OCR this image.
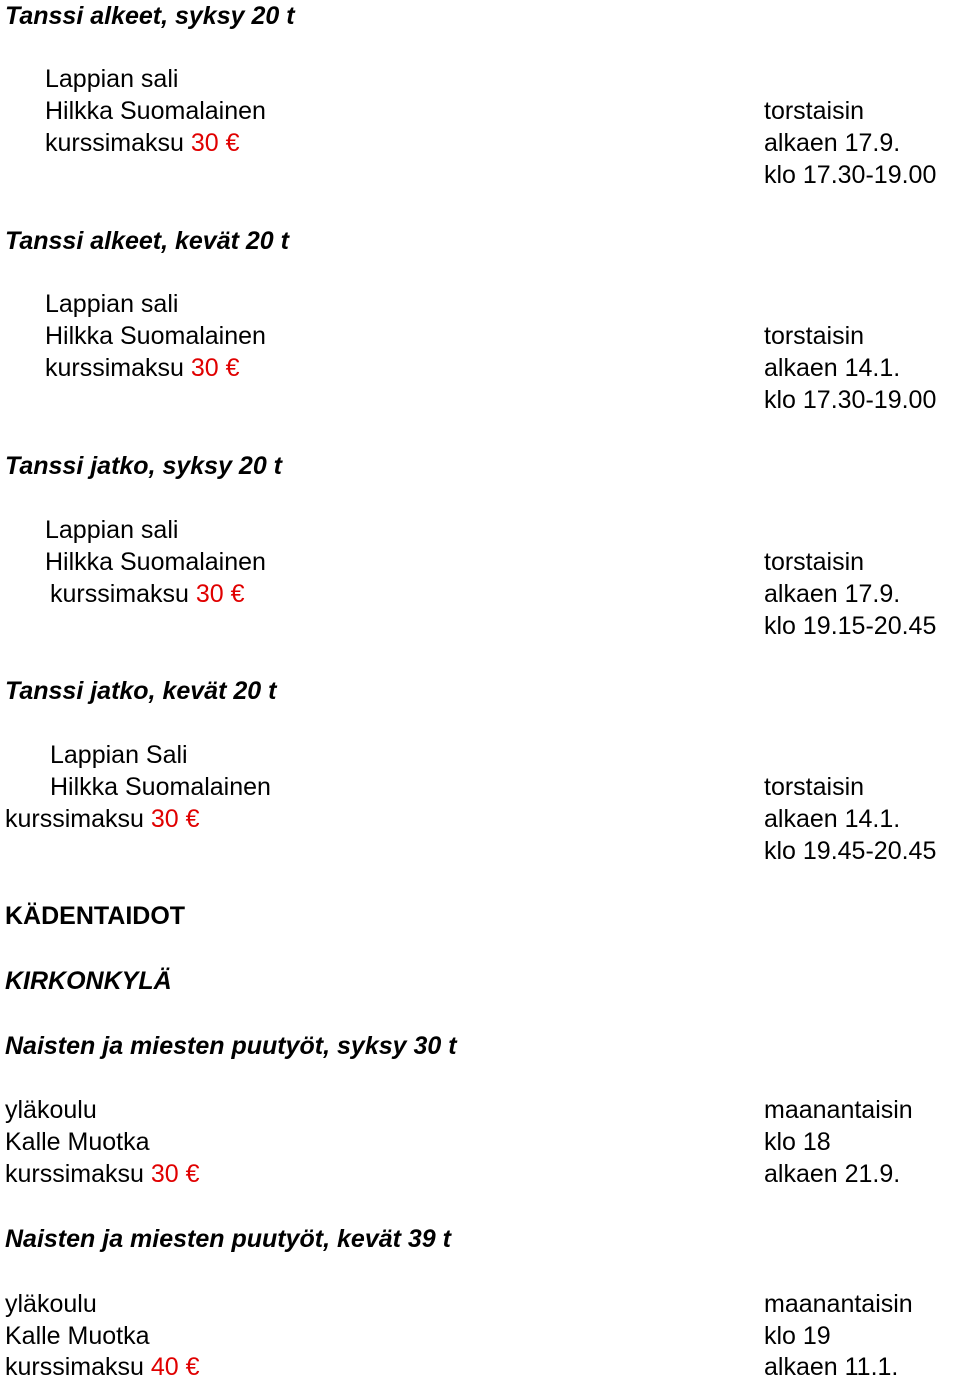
Tanssi alkeet, syksy 20 t
Lappian sali
Hilkka Suomalainen
kurssimaksu 30 €
torstaisin
alkaen 17.9.
klo 17.30-19.00
Tanssi alkeet, kevät 20 t
Lappian sali
Hilkka Suomalainen
kurssimaksu 30 €
torstaisin
alkaen 14.1.
klo 17.30-19.00
Tanssi jatko, syksy 20 t
Lappian sali
Hilkka Suomalainen
kurssimaksu 30 €
torstaisin
alkaen 17.9.
klo 19.15-20.45
Tanssi jatko, kevät 20 t
Lappian Sali
Hilkka Suomalainen
kurssimaksu 30 €
torstaisin
alkaen 14.1.
klo 19.45-20.45
KÄDENTAIDOT
KIRKONKYLÄ
Naisten ja miesten puutyöt, syksy 30 t
yläkoulu
Kalle Muotka
kurssimaksu 30 €
maanantaisin
klo 18
alkaen 21.9.
Naisten ja miesten puutyöt, kevät 39 t
yläkoulu
Kalle Muotka
kurssimaksu 40 €
maanantaisin
klo 19
alkaen 11.1.
